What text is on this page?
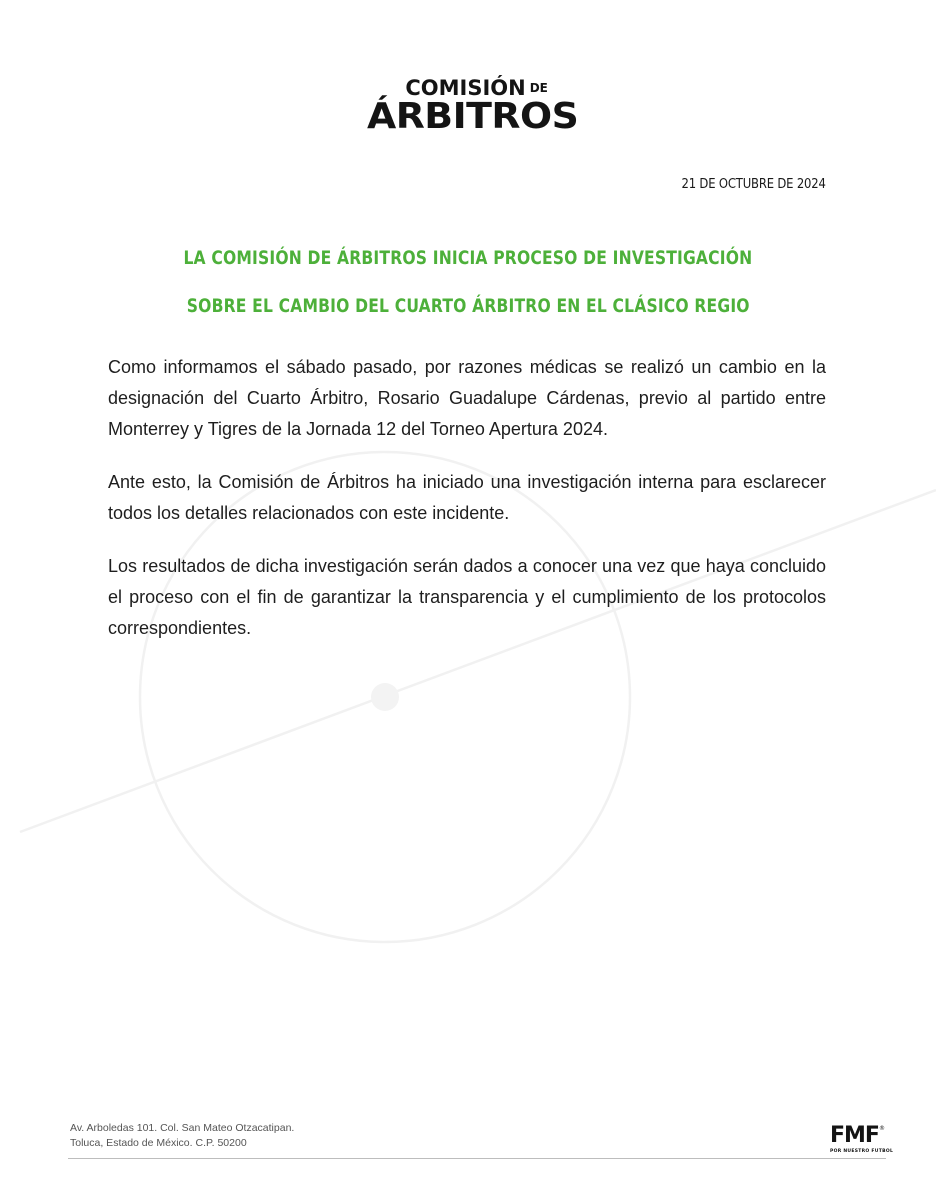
COMISIÓN DE
ÁRBITROS
21 DE OCTUBRE DE 2024
LA COMISIÓN DE ÁRBITROS INICIA PROCESO DE INVESTIGACIÓN
SOBRE EL CAMBIO DEL CUARTO ÁRBITRO EN EL CLÁSICO REGIO

Como informamos el sábado pasado, por razones médicas se realizó un cambio en la designación del Cuarto Árbitro, Rosario Guadalupe Cárdenas, previo al partido entre Monterrey y Tigres de la Jornada 12 del Torneo Apertura 2024.

Ante esto, la Comisión de Árbitros ha iniciado una investigación interna para esclarecer todos los detalles relacionados con este incidente.

Los resultados de dicha investigación serán dados a conocer una vez que haya concluido el proceso con el fin de garantizar la transparencia y el cumplimiento de los protocolos correspondientes.

Av. Arboledas 101. Col. San Mateo Otzacatipan.
Toluca, Estado de México. C.P. 50200	FMF®
POR NUESTRO FUTBOL
